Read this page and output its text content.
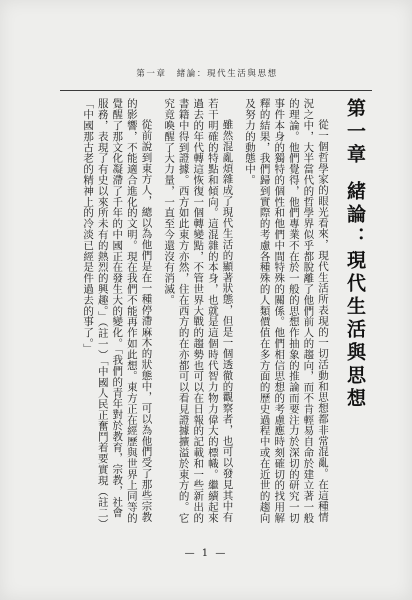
第一章　緒論：現代生活與思想
第一章緒論：現代生活與思想

從一個哲學家的眼光看來，現代生活所表現的一切活動和思想都非常混亂。在這種情況之中，大半當代的哲學界似乎都脫離了他們前人的趨向，而不肯輕易自命於建立著一般的理論。他們覺得，他們專業不在於一般的思想作抽象的推論而要注力於深切的研究一切事件本身的獨特的個性和他們中間特殊的關係。他們相信思想的考慮應時刻確切的找用解釋的結果，我們歸到實際的考慮各種殊的人類價值在多方面的歷史過程中或在近世的趨向及努力的動態中。

雖然混亂煩雜成了現代生活的顯著狀態，但是一個透徹的觀察者，也可以發見其中有若干明確的特點和傾向。這混雜的本身，也就是這個時代智力物力偉大的標幟。繼續起來過去的年代轉這恢復一個轉變點，不管世界大戰的趨勢也可以在日報的記載和一些新出的書籍中得到證據。西方如此東方亦然，住在西方的在亦都可以看見證據擴溢於東方的。它究竟喚醒了大力量，一直至今還沒有消滅。

從前說到東方人，總以為他們是在一種停滯麻木的狀態中，可以為他們受了那些宗教的影響，不能適合進化的文明。現在我們不能再作如此想。東方正在經歷與世界上同等的覺醒了那文化凝滯了千年的中國正在發生大的變化。「我們的青年對於教育，宗教，社會服務，表現了有史以來所未有的熱烈的興趣。」（註一）「中國人民正奮鬥着要實現（註二）「中國那古老的精神上的冷淡已經是件過去的事了。」

— 1 —
